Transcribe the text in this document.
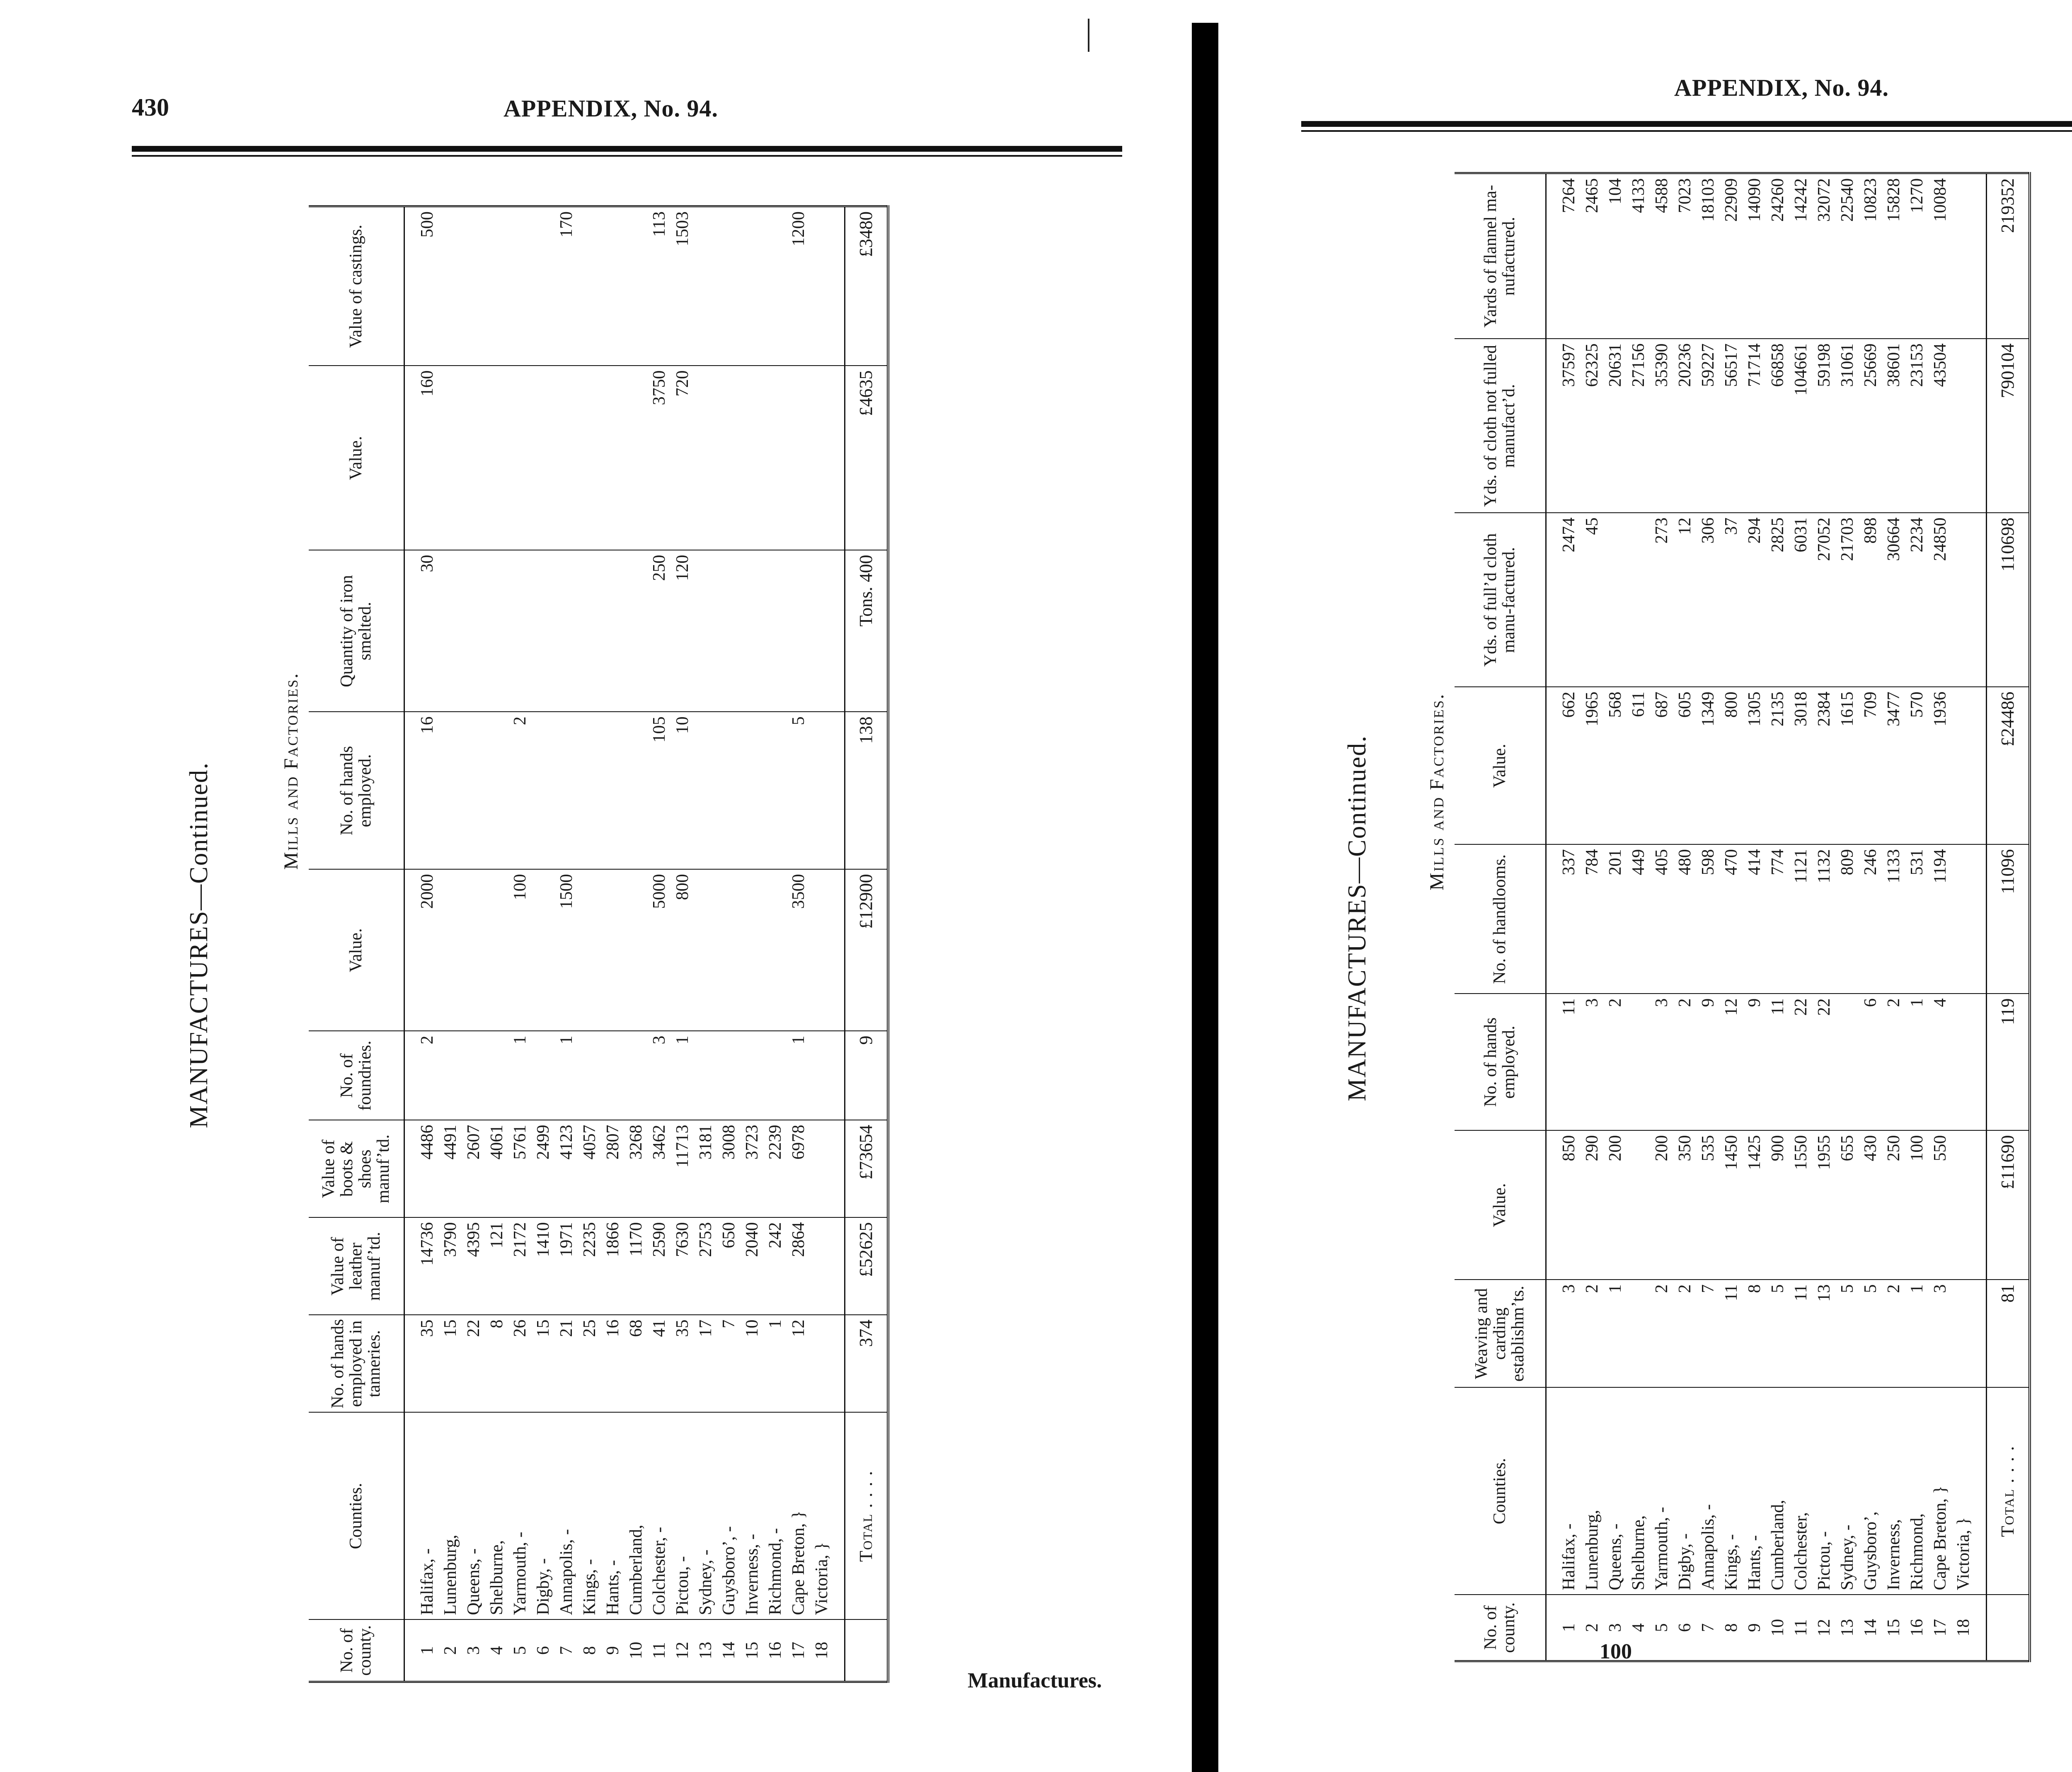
430	APPENDIX, No. 94.
APPENDIX, No. 94.
MANUFACTURES—Continued.	Mills and Factories.
No. of county.	Counties.	No. of hands employed in tanneries.	Value of leather manuf’td.	Value of boots & shoes manuf’td.	No. of foundries.	Value.	No. of hands employed.	Quantity of iron smelted.	Value.	Value of castings.
1	Halifax, -	35	14736	4486	2	2000	16	30	160	500
2	Lunenburg,	15	3790	4491						
3	Queens, -	22	4395	2607						
4	Shelburne,	8	121	4061						
5	Yarmouth, -	26	2172	5761	1	100	2			
6	Digby, -	15	1410	2499						
7	Annapolis, -	21	1971	4123	1	1500				170
8	Kings, -	25	2235	4057						
9	Hants, -	16	1866	2807						
10	Cumberland,	68	1170	3268						
11	Colchester, -	41	2590	3462	3	5000	105	250	3750	113
12	Pictou, -	35	7630	11713	1	800	10	120	720	1503
13	Sydney, -	17	2753	3181						
14	Guysboro’, -	7	650	3008						
15	Inverness, -	10	2040	3723						
16	Richmond, -	1	242	2239						
17	Cape Breton, }	12	2864	6978	1	3500	5			1200
18	Victoria, }									
	Total . . . .	374	£52625	£73654	9	£12900	138	Tons. 400	£4635	£3480
MANUFACTURES—Continued.	Mills and Factories.
No. of county.	Counties.	Weaving and carding establishm’ts.	Value.	No. of hands employed.	No. of handlooms.	Value.	Yds. of full’d cloth manu-factured.	Yds. of cloth not fulled manufact’d.	Yards of flannel ma-nufactured.
1	Halifax, -	3	850	11	337	662	2474	37597	7264
2	Lunenburg,	2	290	3	784	1965	45	62325	2465
3	Queens, -	1	200	2	201	568		20631	104
4	Shelburne,				449	611		27156	4133
5	Yarmouth, -	2	200	3	405	687	273	35390	4588
6	Digby, -	2	350	2	480	605	12	20236	7023
7	Annapolis, -	7	535	9	598	1349	306	59227	18103
8	Kings, -	11	1450	12	470	800	37	56517	22909
9	Hants, -	8	1425	9	414	1305	294	71714	14090
10	Cumberland,	5	900	11	774	2135	2825	66858	24260
11	Colchester,	11	1550	22	1121	3018	6031	104661	14242
12	Pictou, -	13	1955	22	1132	2384	27052	59198	32072
13	Sydney, -	5	655		809	1615	21703	31061	22540
14	Guysboro’,	5	430	6	246	709	898	25669	10823
15	Inverness,	2	250	2	1133	3477	30664	38601	15828
16	Richmond,	1	100	1	531	570	2234	23153	1270
17	Cape Breton, }	3	550	4	1194	1936	24850	43504	10084
18	Victoria, }								
	Total . . . .	81	£11690	119	11096	£24486	110698	790104	219352
Manufactures.
100
